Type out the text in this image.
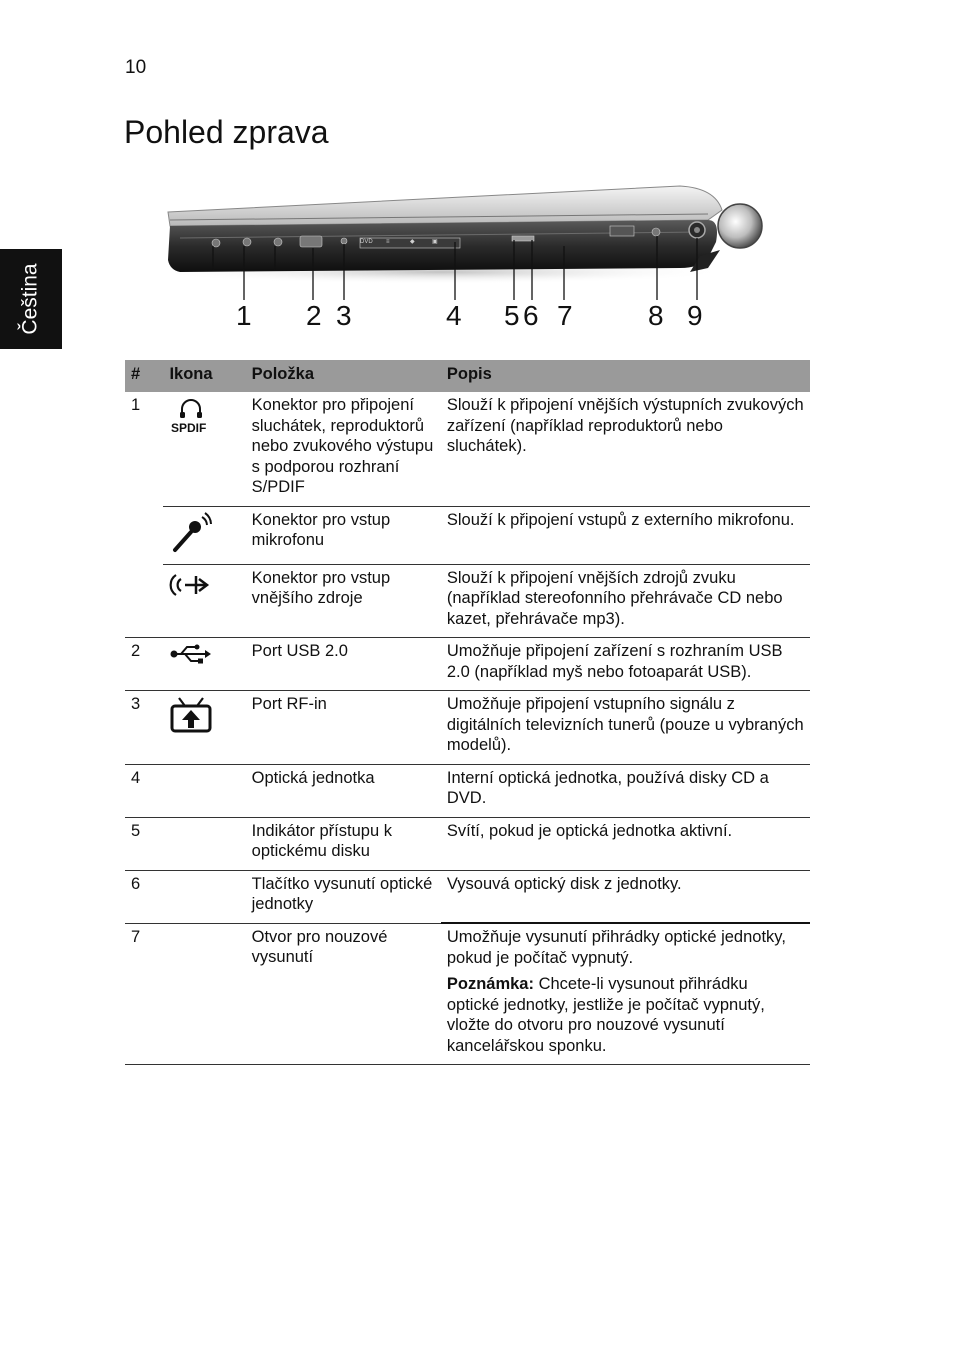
10
Pohled zprava
Čeština
DVD ≡	◆	▣
1 2 3	4 5 6 7	8 9
#	Ikona	Položka	Popis
1	SPDIF	Konektor pro připojení sluchátek, reproduktorů nebo zvukového výstupu s podporou rozhraní S/PDIF	Slouží k připojení vnějších výstupních zvukových zařízení (například reproduktorů nebo sluchátek).

	Konektor pro vstup mikrofonu	Slouží k připojení vstupů z externího mikrofonu.

	Konektor pro vstup vnějšího zdroje	Slouží k připojení vnějších zdrojů zvuku (například stereofonního přehrávače CD nebo kazet, přehrávače mp3).
2		Port USB 2.0	Umožňuje připojení zařízení s rozhraním USB 2.0 (například myš nebo fotoaparát USB).
3		Port RF-in	Umožňuje připojení vstupního signálu z digitálních televizních tunerů (pouze u vybraných modelů).
4		Optická jednotka	Interní optická jednotka, používá disky CD a DVD.
5		Indikátor přístupu k optickému disku	Svítí, pokud je optická jednotka aktivní.
6		Tlačítko vysunutí optické jednotky	Vysouvá optický disk z jednotky.
7		Otvor pro nouzové vysunutí	Umožňuje vysunutí přihrádky optické jednotky, pokud je počítač vypnutý.
Poznámka: Chcete-li vysunout přihrádku optické jednotky, jestliže je počítač vypnutý, vložte do otvoru pro nouzové vysunutí kancelářskou sponku.
